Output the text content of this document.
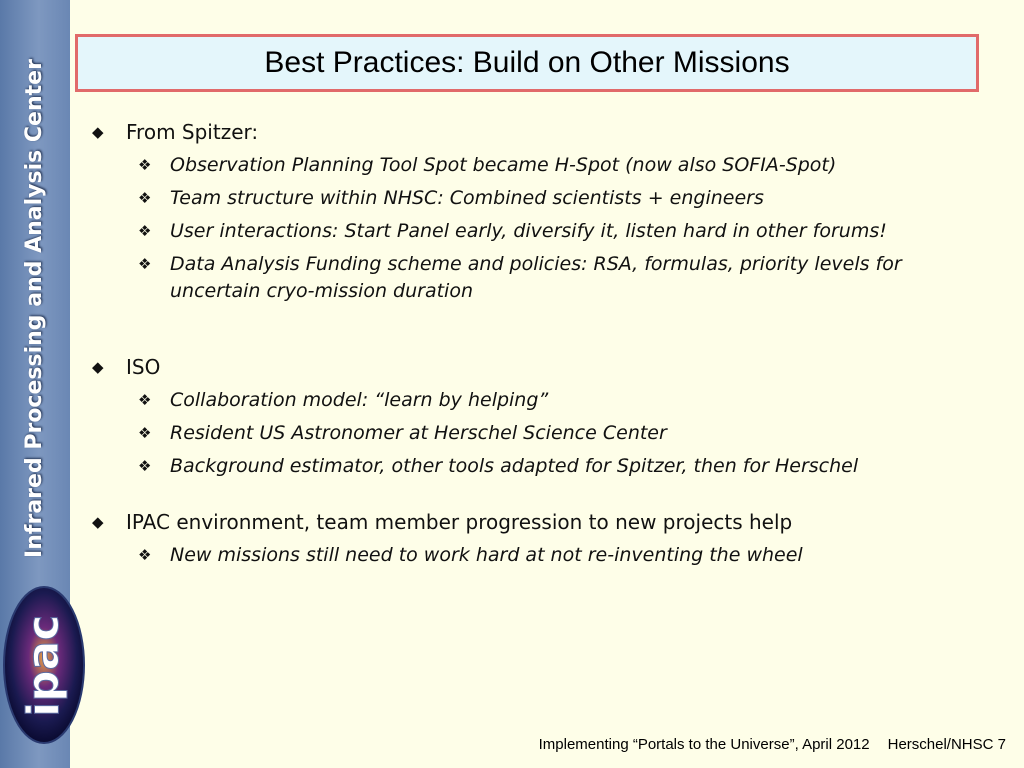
Infrared Processing and Analysis Center
ipac
Best Practices: Build on Other Missions
◆ From Spitzer:
❖ Observation Planning Tool Spot became H-Spot (now also SOFIA-Spot)
❖ Team structure within NHSC: Combined scientists + engineers
❖ User interactions: Start Panel early, diversify it, listen hard in other forums!
❖ Data Analysis Funding scheme and policies: RSA, formulas, priority levels for uncertain cryo-mission duration
◆ ISO
❖ Collaboration model: “learn by helping”
❖ Resident US Astronomer at Herschel Science Center
❖ Background estimator, other tools adapted for Spitzer, then for Herschel
◆ IPAC environment, team member progression to new projects help
❖ New missions still need to work hard at not re-inventing the wheel
Implementing “Portals to the Universe”, April 2012 Herschel/NHSC 7
